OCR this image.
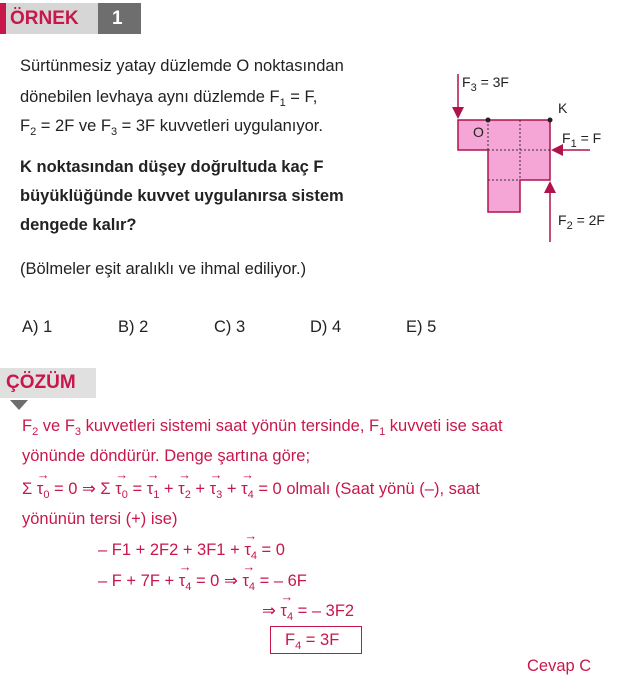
ÖRNEK 1
Sürtünmesiz yatay düzlemde O noktasından
dönebilen levhaya aynı düzlemde $F_1 = F$,
$F_2 = 2F$ ve $F_3 = 3F$ kuvvetleri uygulanıyor.
K noktasından düşey doğrultuda kaç F
büyüklüğünde kuvvet uygulanırsa sistem
dengede kalır?
(Bölmeler eşit aralıklı ve ihmal ediliyor.)
$F_3 = 3F$
K
O	$F_1 = F$
$F_2 = 2F$
A) 1	B) 2	C) 3	D) 4	E) 5
ÇÖZÜM
$F_2$ ve $F_3$ kuvvetleri sistemi saat yönün tersinde, $F_1$ kuvveti ise saat
yönünde döndürür. Denge şartına göre;
$\Sigma \to \tau_0 = 0$ ⇒ $\Sigma \to \tau_0$ = → $\tau_1$ + → $\tau_2$ + → $\tau_3$ + → $\tau_4 = 0$ olmalı (Saat yönü (–), saat
yönünün tersi (+) ise)
– F1 + 2F2 + 3F1 + → $\tau_4 = 0$
– F + 7F + → $\tau_4 = 0$ ⇒ → $\tau_4$ = – 6F
⇒ → $\tau_4$ = – 3F2
$F_4 = 3F$
Cevap C
